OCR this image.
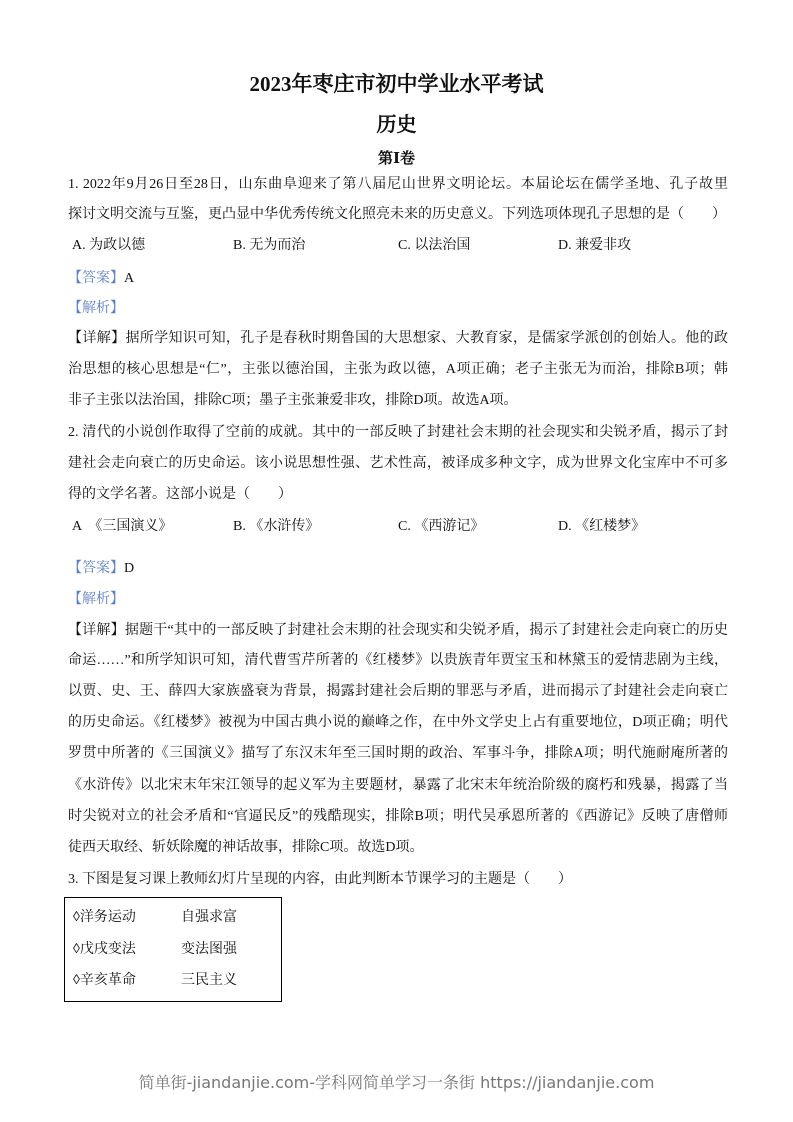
2023年枣庄市初中学业水平考试
历史
第Ⅰ卷
1. 2022年9月26日至28日，山东曲阜迎来了第八届尼山世界文明论坛。本届论坛在儒学圣地、孔子故里
探讨文明交流与互鉴，更凸显中华优秀传统文化照亮未来的历史意义。下列选项体现孔子思想的是（　　）
A. 为政以德	B. 无为而治	C. 以法治国	D. 兼爱非攻
【答案】A
【解析】
【详解】据所学知识可知，孔子是春秋时期鲁国的大思想家、大教育家，是儒家学派创的创始人。他的政
治思想的核心思想是“仁”，主张以德治国，主张为政以德，A项正确；老子主张无为而治，排除B项；韩
非子主张以法治国，排除C项；墨子主张兼爱非攻，排除D项。故选A项。
2. 清代的小说创作取得了空前的成就。其中的一部反映了封建社会末期的社会现实和尖锐矛盾，揭示了封
建社会走向衰亡的历史命运。该小说思想性强、艺术性高，被译成多种文字，成为世界文化宝库中不可多
得的文学名著。这部小说是（　　）
A　《三国演义》	B. 《水浒传》	C. 《西游记》	D. 《红楼梦》
【答案】D
【解析】
【详解】据题干“其中的一部反映了封建社会末期的社会现实和尖锐矛盾，揭示了封建社会走向衰亡的历史
命运……”和所学知识可知，清代曹雪芹所著的《红楼梦》以贵族青年贾宝玉和林黛玉的爱情悲剧为主线，
以贾、史、王、薛四大家族盛衰为背景，揭露封建社会后期的罪恶与矛盾，进而揭示了封建社会走向衰亡
的历史命运。《红楼梦》被视为中国古典小说的巅峰之作，在中外文学史上占有重要地位，D项正确；明代
罗贯中所著的《三国演义》描写了东汉末年至三国时期的政治、军事斗争，排除A项；明代施耐庵所著的
《水浒传》以北宋末年宋江领导的起义军为主要题材，暴露了北宋末年统治阶级的腐朽和残暴，揭露了当
时尖锐对立的社会矛盾和“官逼民反”的残酷现实，排除B项；明代吴承恩所著的《西游记》反映了唐僧师
徒西天取经、斩妖除魔的神话故事，排除C项。故选D项。
3. 下图是复习课上教师幻灯片呈现的内容，由此判断本节课学习的主题是（　　）
◊洋务运动	自强求富
◊戊戌变法	变法图强
◊辛亥革命	三民主义
简单街-jiandanjie.com-学科网简单学习一条街 https://jiandanjie.com
